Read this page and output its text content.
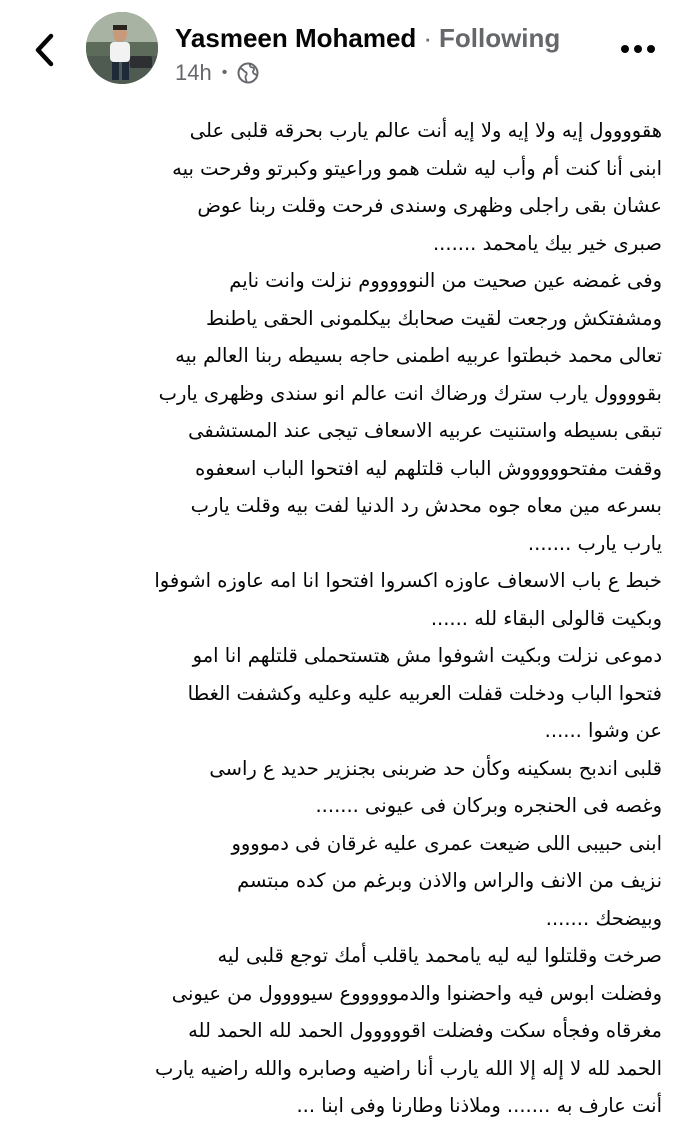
Yasmeen Mohamed · Following
14h •
هقوووول إيه ولا إيه ولا إيه أنت عالم يارب بحرقه قلبى على
ابنى أنا كنت أم وأب ليه شلت همو وراعيتو وكبرتو وفرحت بيه
عشان بقى راجلى وظهرى وسندى فرحت وقلت ربنا عوض
صبرى خير بيك يامحمد .......
وفى غمضه عين صحيت من النوووووم نزلت وانت نايم
ومشفتكش ورجعت لقيت صحابك بيكلمونى الحقى ياطنط
تعالى محمد خبطتوا عربيه اطمنى حاجه بسيطه ربنا العالم بيه
بقوووول يارب سترك ورضاك انت عالم انو سندى وظهرى يارب
تبقى بسيطه واستنيت عربيه الاسعاف تيجى عند المستشفى
وقفت مفتحوووووش الباب قلتلهم ليه افتحوا الباب اسعفوه
بسرعه مين معاه جوه محدش رد الدنيا لفت بيه وقلت يارب
يارب يارب .......
خبط ع باب الاسعاف عاوزه اكسروا افتحوا انا امه عاوزه اشوفوا
وبكيت قالولى البقاء لله ......
دموعى نزلت وبكيت اشوفوا مش هتستحملى قلتلهم انا امو
فتحوا الباب ودخلت قفلت العربيه عليه وعليه وكشفت الغطا
عن وشوا ......
قلبى اندبح بسكينه وكأن حد ضربنى بجنزير حديد ع راسى
وغصه فى الحنجره وبركان فى عيونى .......
ابنى حبيبى اللى ضيعت عمرى عليه غرقان فى دموووو
نزيف من الانف والراس والاذن وبرغم من كده مبتسم
وبيضحك .......
صرخت وقلتلوا ليه ليه يامحمد ياقلب أمك توجع قلبى ليه
وفضلت ابوس فيه واحضنوا والدموووووع سيوووول من عيونى
مغرقاه وفجأه سكت وفضلت اقووووول الحمد لله الحمد لله
الحمد لله لا إله إلا الله يارب أنا راضيه وصابره والله راضيه يارب
أنت عارف به ....... وملاذنا وطارنا وفى ابنا ...
